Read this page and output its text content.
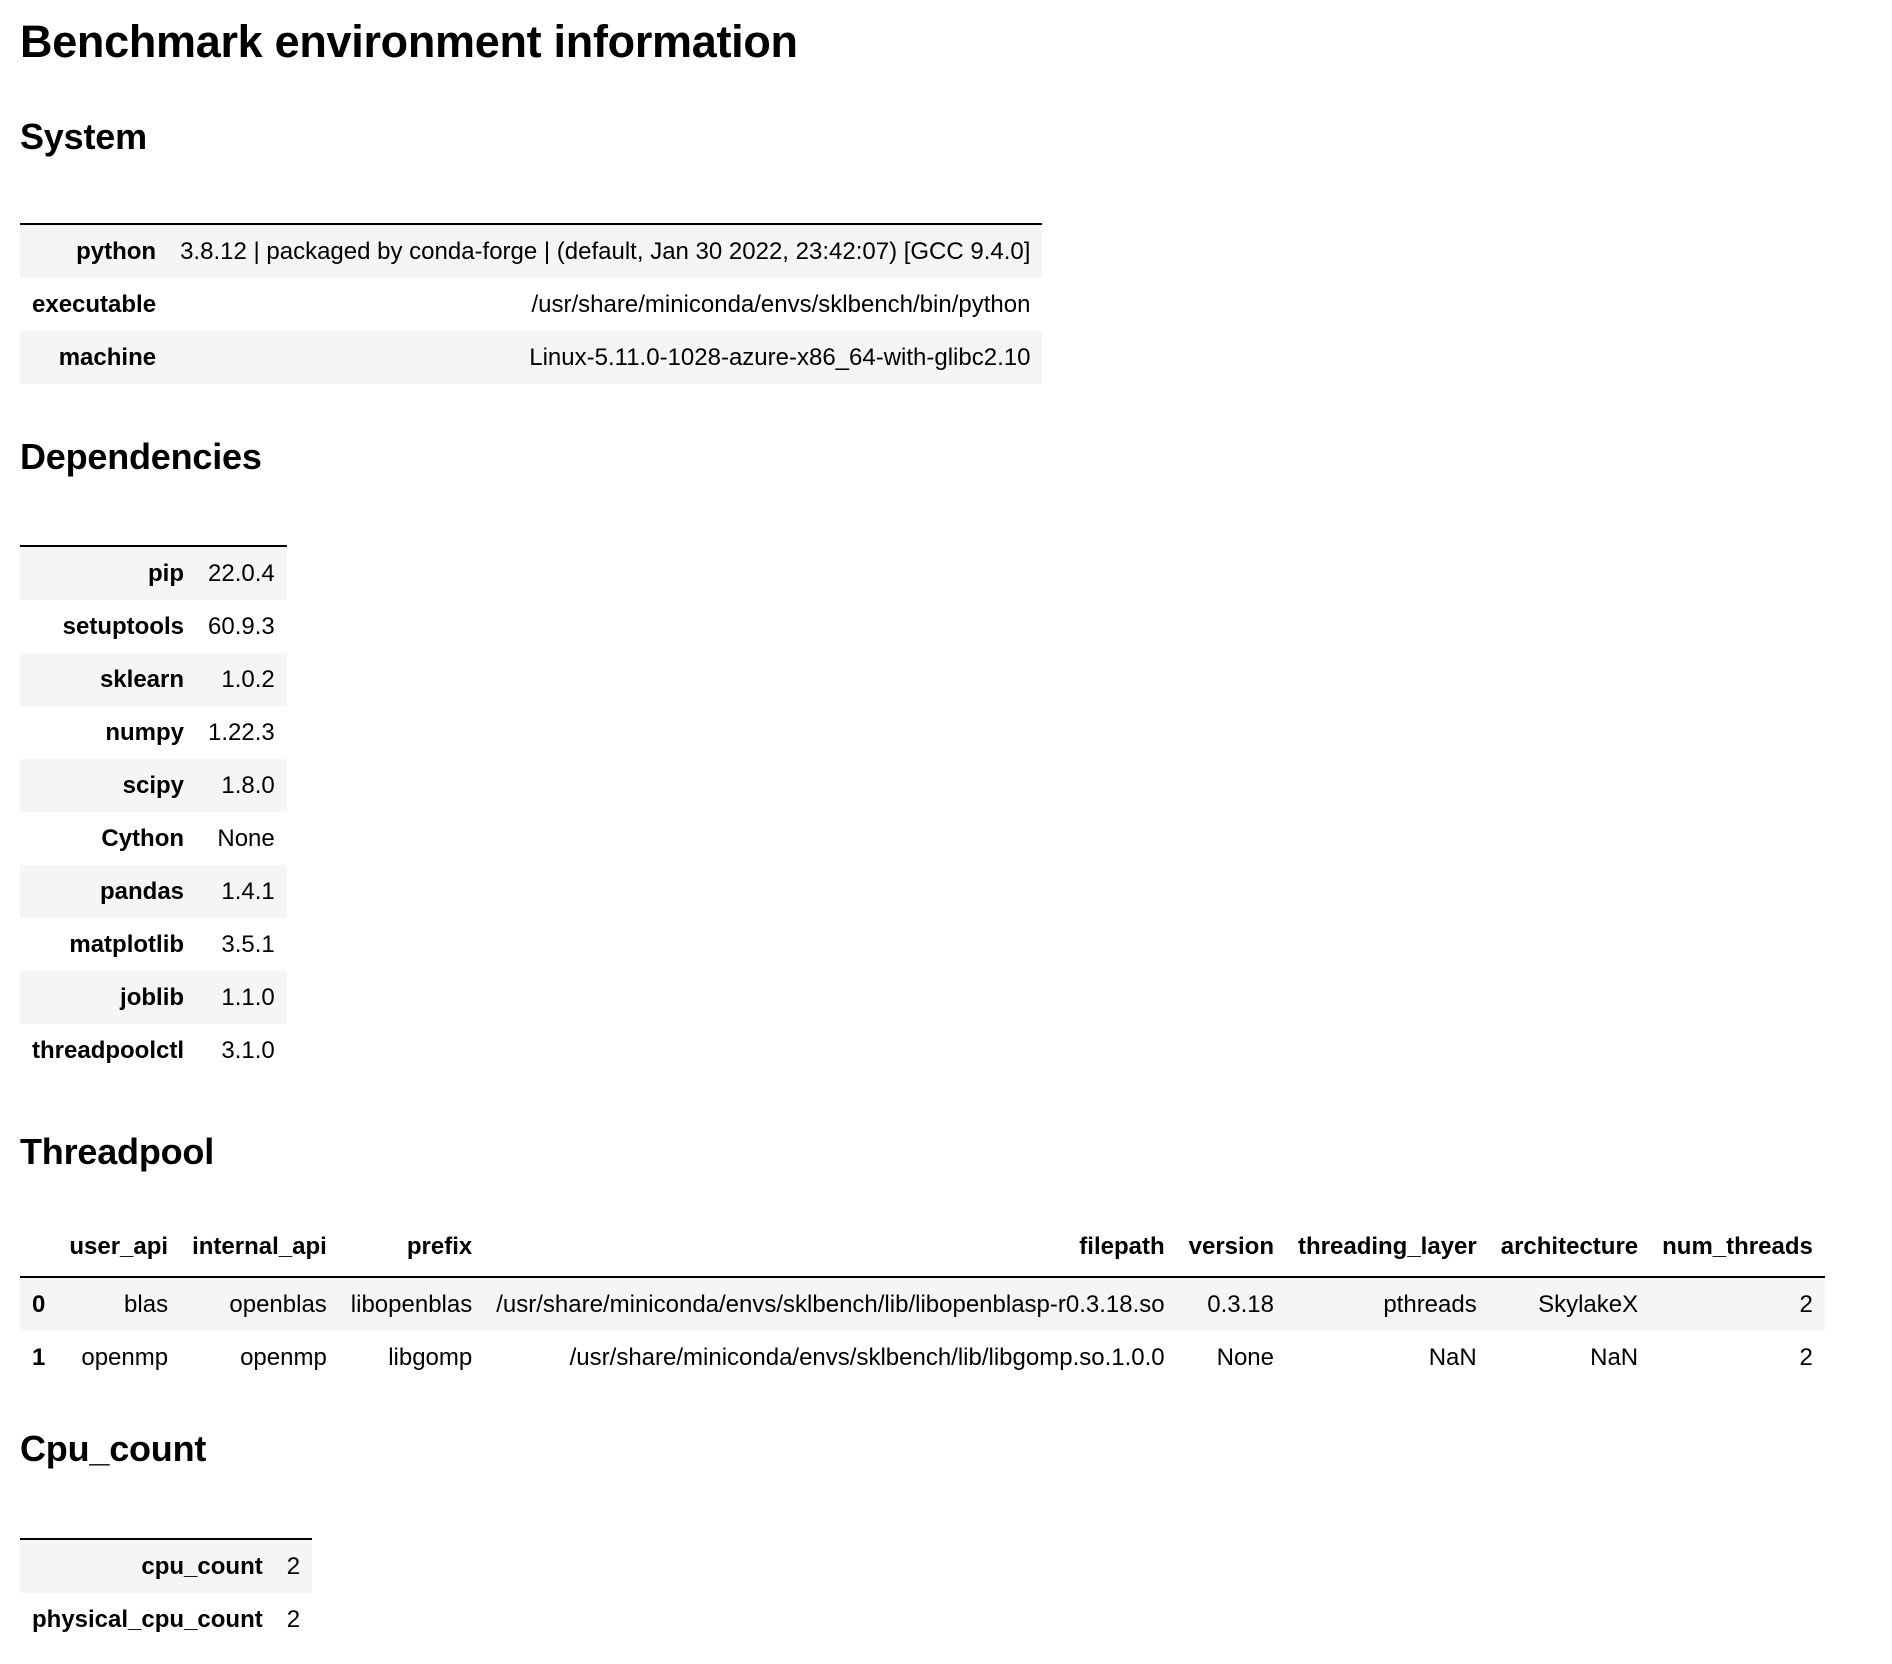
Benchmark environment information
System
python	3.8.12 | packaged by conda-forge | (default, Jan 30 2022, 23:42:07) [GCC 9.4.0]
executable	/usr/share/miniconda/envs/sklbench/bin/python
machine	Linux-5.11.0-1028-azure-x86_64-with-glibc2.10
Dependencies
pip	22.0.4
setuptools	60.9.3
sklearn	1.0.2
numpy	1.22.3
scipy	1.8.0
Cython	None
pandas	1.4.1
matplotlib	3.5.1
joblib	1.1.0
threadpoolctl	3.1.0
Threadpool
	user_api	internal_api	prefix	filepath	version	threading_layer	architecture	num_threads
0	blas	openblas	libopenblas	/usr/share/miniconda/envs/sklbench/lib/libopenblasp-r0.3.18.so	0.3.18	pthreads	SkylakeX	2
1	openmp	openmp	libgomp	/usr/share/miniconda/envs/sklbench/lib/libgomp.so.1.0.0	None	NaN	NaN	2
Cpu_count
cpu_count	2
physical_cpu_count	2
